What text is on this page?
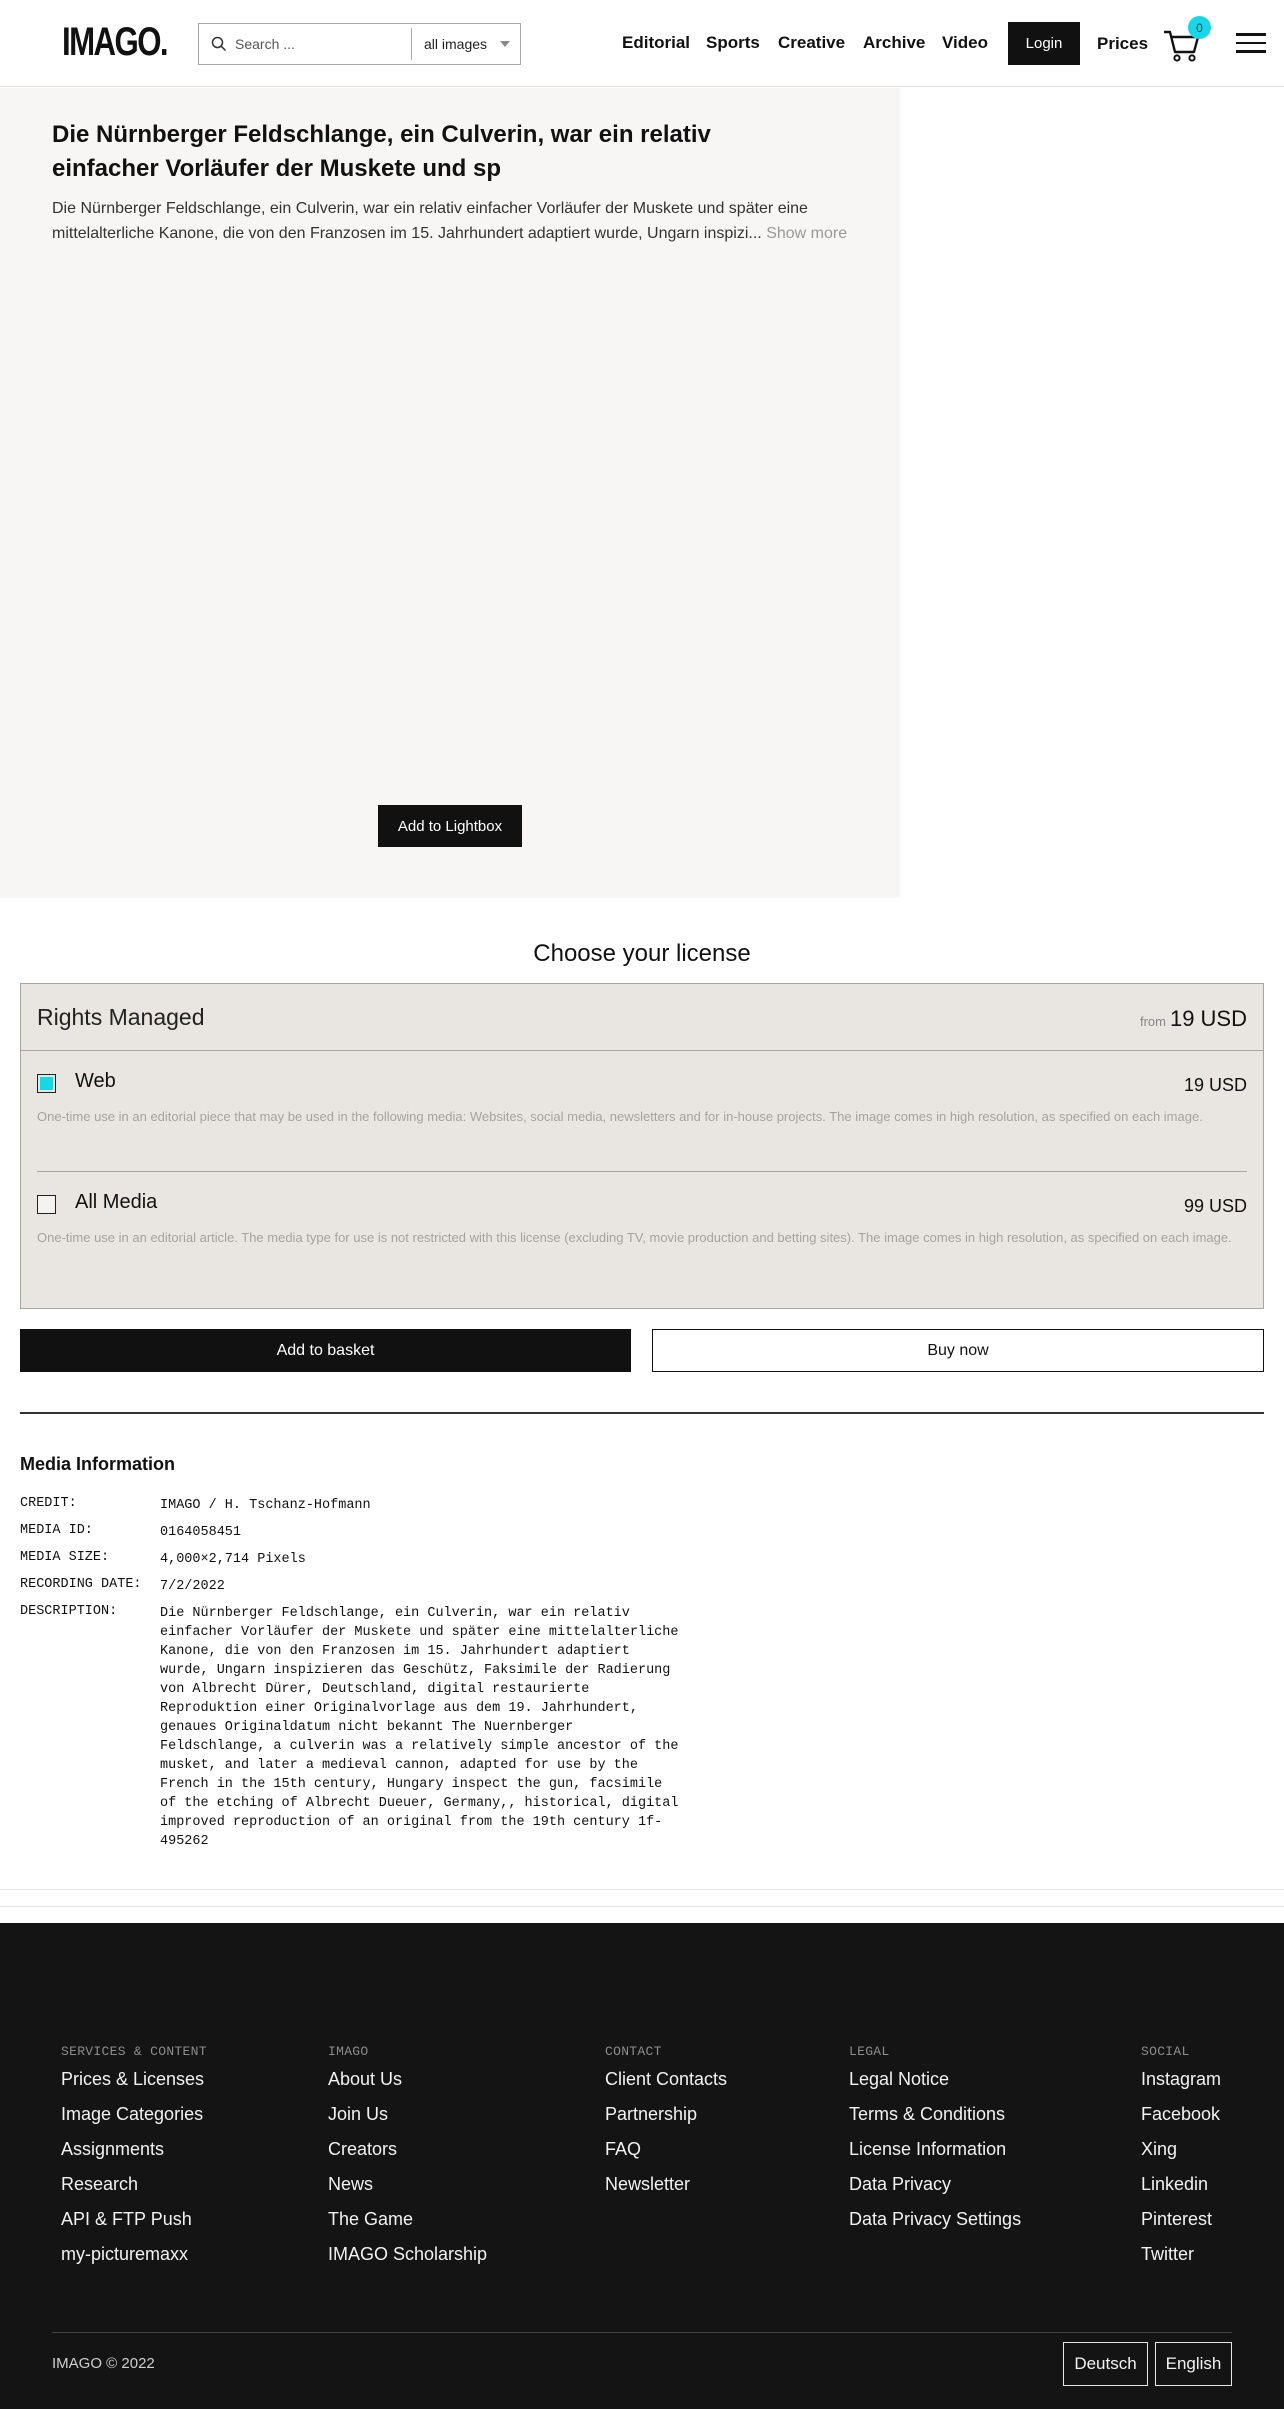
IMAGO.
Search ...	all images	Editorial Sports Creative Archive Video	Login	Prices
0
Die Nürnberger Feldschlange, ein Culverin, war ein relativ einfacher Vorläufer der Muskete und sp
Die Nürnberger Feldschlange, ein Culverin, war ein relativ einfacher Vorläufer der Muskete und später eine mittelalterliche Kanone, die von den Franzosen im 15. Jahrhundert adaptiert wurde, Ungarn inspizi... Show more
Add to Lightbox
Choose your license
Rights Managed	from 19 USD
Web	19 USD
One-time use in an editorial piece that may be used in the following media: Websites, social media, newsletters and for in-house projects. The image comes in high resolution, as specified on each image.
All Media	99 USD
One-time use in an editorial article. The media type for use is not restricted with this license (excluding TV, movie production and betting sites). The image comes in high resolution, as specified on each image.
Add to basket	Buy now
Media Information
CREDIT:	IMAGO / H. Tschanz-Hofmann
MEDIA ID:	0164058451
MEDIA SIZE:	4,000×2,714 Pixels
RECORDING DATE:	7/2/2022
DESCRIPTION:	Die Nürnberger Feldschlange, ein Culverin, war ein relativ einfacher Vorläufer der Muskete und später eine mittelalterliche Kanone, die von den Franzosen im 15. Jahrhundert adaptiert wurde, Ungarn inspizieren das Geschütz, Faksimile der Radierung von Albrecht Dürer, Deutschland, digital restaurierte Reproduktion einer Originalvorlage aus dem 19. Jahrhundert, genaues Originaldatum nicht bekannt The Nuernberger Feldschlange, a culverin was a relatively simple ancestor of the musket, and later a medieval cannon, adapted for use by the French in the 15th century, Hungary inspect the gun, facsimile of the etching of Albrecht Dueuer, Germany,, historical, digital improved reproduction of an original from the 19th century 1f-495262
SERVICES & CONTENT
Prices & Licenses
Image Categories
Assignments
Research
API & FTP Push
my-picturemaxx
IMAGO
About Us
Join Us
Creators
News
The Game
IMAGO Scholarship
CONTACT
Client Contacts
Partnership
FAQ
Newsletter
LEGAL
Legal Notice
Terms & Conditions
License Information
Data Privacy
Data Privacy Settings
SOCIAL
Instagram
Facebook
Xing
Linkedin
Pinterest
Twitter
IMAGO © 2022	Deutsch	English
